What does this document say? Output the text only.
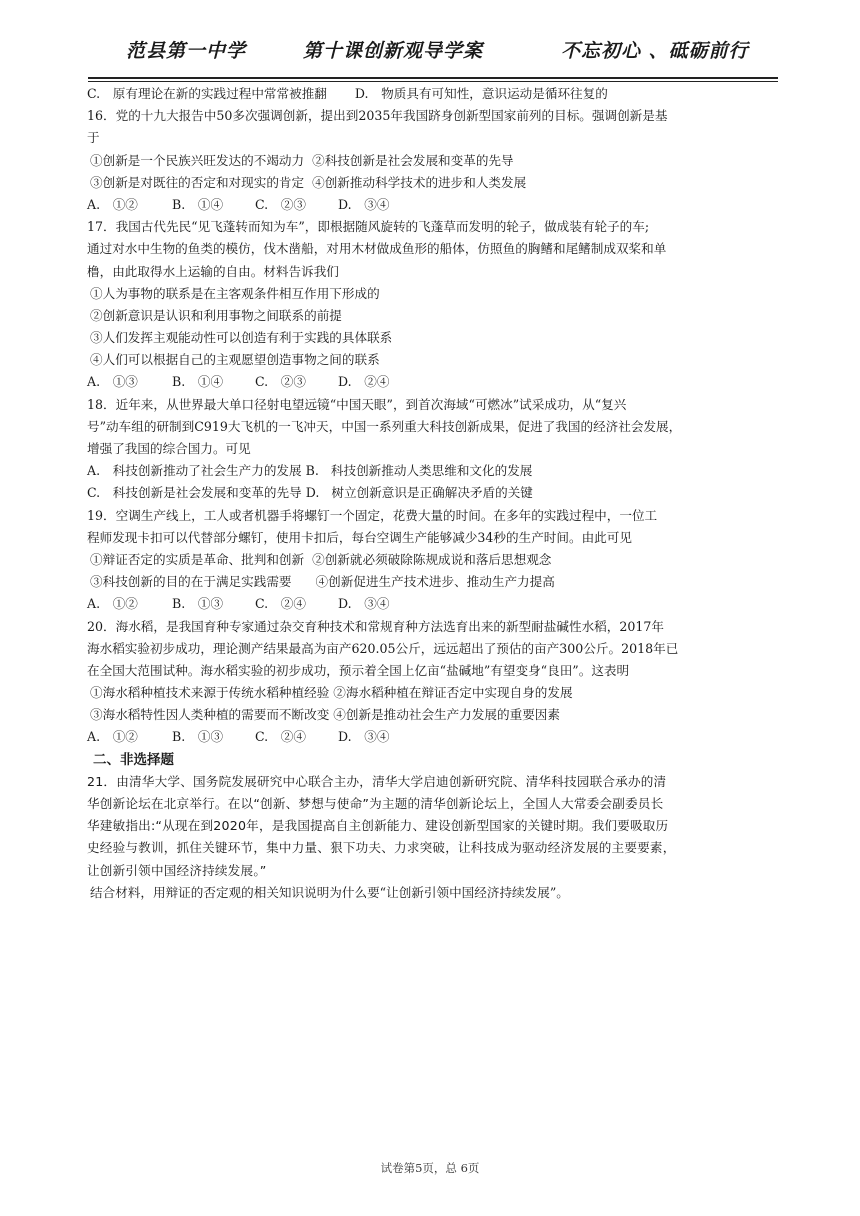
范县第一中学	第十课创新观导学案	不忘初心 、砥砺前行
C.　原有理论在新的实践过程中常常被推翻 D.　物质具有可知性，意识运动是循环往复的
16．党的十九大报告中50多次强调创新，提出到2035年我国跻身创新型国家前列的目标。强调创新是基
于
①创新是一个民族兴旺发达的不竭动力 ②科技创新是社会发展和变革的先导
③创新是对既往的否定和对现实的肯定 ④创新推动科学技术的进步和人类发展
A.　①②	B.　①④	C.　②③	D.　③④
17．我国古代先民“见飞蓬转而知为车”，即根据随风旋转的飞蓬草而发明的轮子，做成装有轮子的车;
通过对水中生物的鱼类的模仿，伐木凿船，对用木材做成鱼形的船体，仿照鱼的胸鳍和尾鳍制成双桨和单
橹，由此取得水上运输的自由。材料告诉我们
①人为事物的联系是在主客观条件相互作用下形成的
②创新意识是认识和利用事物之间联系的前提
③人们发挥主观能动性可以创造有利于实践的具体联系
④人们可以根据自己的主观愿望创造事物之间的联系
A.　①③	B.　①④	C.　②③	D.　②④
18．近年来，从世界最大单口径射电望远镜“中国天眼”，到首次海域“可燃冰”试采成功，从“复兴
号”动车组的研制到C919大飞机的一飞冲天，中国一系列重大科技创新成果，促进了我国的经济社会发展，
增强了我国的综合国力。可见
A.　科技创新推动了社会生产力的发展 B. 科技创新推动人类思维和文化的发展
C.　科技创新是社会发展和变革的先导 D. 树立创新意识是正确解决矛盾的关键
19．空调生产线上，工人或者机器手将螺钉一个固定，花费大量的时间。在多年的实践过程中，一位工
程师发现卡扣可以代替部分螺钉，使用卡扣后，每台空调生产能够减少34秒的生产时间。由此可见
①辩证否定的实质是革命、批判和创新 ②创新就必须破除陈规成说和落后思想观念
③科技创新的目的在于满足实践需要 ④创新促进生产技术进步、推动生产力提高
A.　①②	B.　①③	C.　②④	D.　③④
20．海水稻，是我国育种专家通过杂交育种技术和常规育种方法选育出来的新型耐盐碱性水稻，2017年
海水稻实验初步成功，理论测产结果最高为亩产620.05公斤，远远超出了预估的亩产300公斤。2018年已
在全国大范围试种。海水稻实验的初步成功，预示着全国上亿亩“盐碱地”有望变身“良田”。这表明
①海水稻种植技术来源于传统水稻种植经验 ②海水稻种植在辩证否定中实现自身的发展
③海水稻特性因人类种植的需要而不断改变 ④创新是推动社会生产力发展的重要因素
A.　①②	B.　①③	C.　②④	D.　③④
二、非选择题
21．由清华大学、国务院发展研究中心联合主办，清华大学启迪创新研究院、清华科技园联合承办的清
华创新论坛在北京举行。在以“创新、梦想与使命”为主题的清华创新论坛上，全国人大常委会副委员长
华建敏指出:“从现在到2020年，是我国提高自主创新能力、建设创新型国家的关键时期。我们要吸取历
史经验与教训，抓住关键环节，集中力量、狠下功夫、力求突破，让科技成为驱动经济发展的主要要素，
让创新引领中国经济持续发展。”
结合材料，用辩证的否定观的相关知识说明为什么要“让创新引领中国经济持续发展”。
试卷第5页，总 6页
